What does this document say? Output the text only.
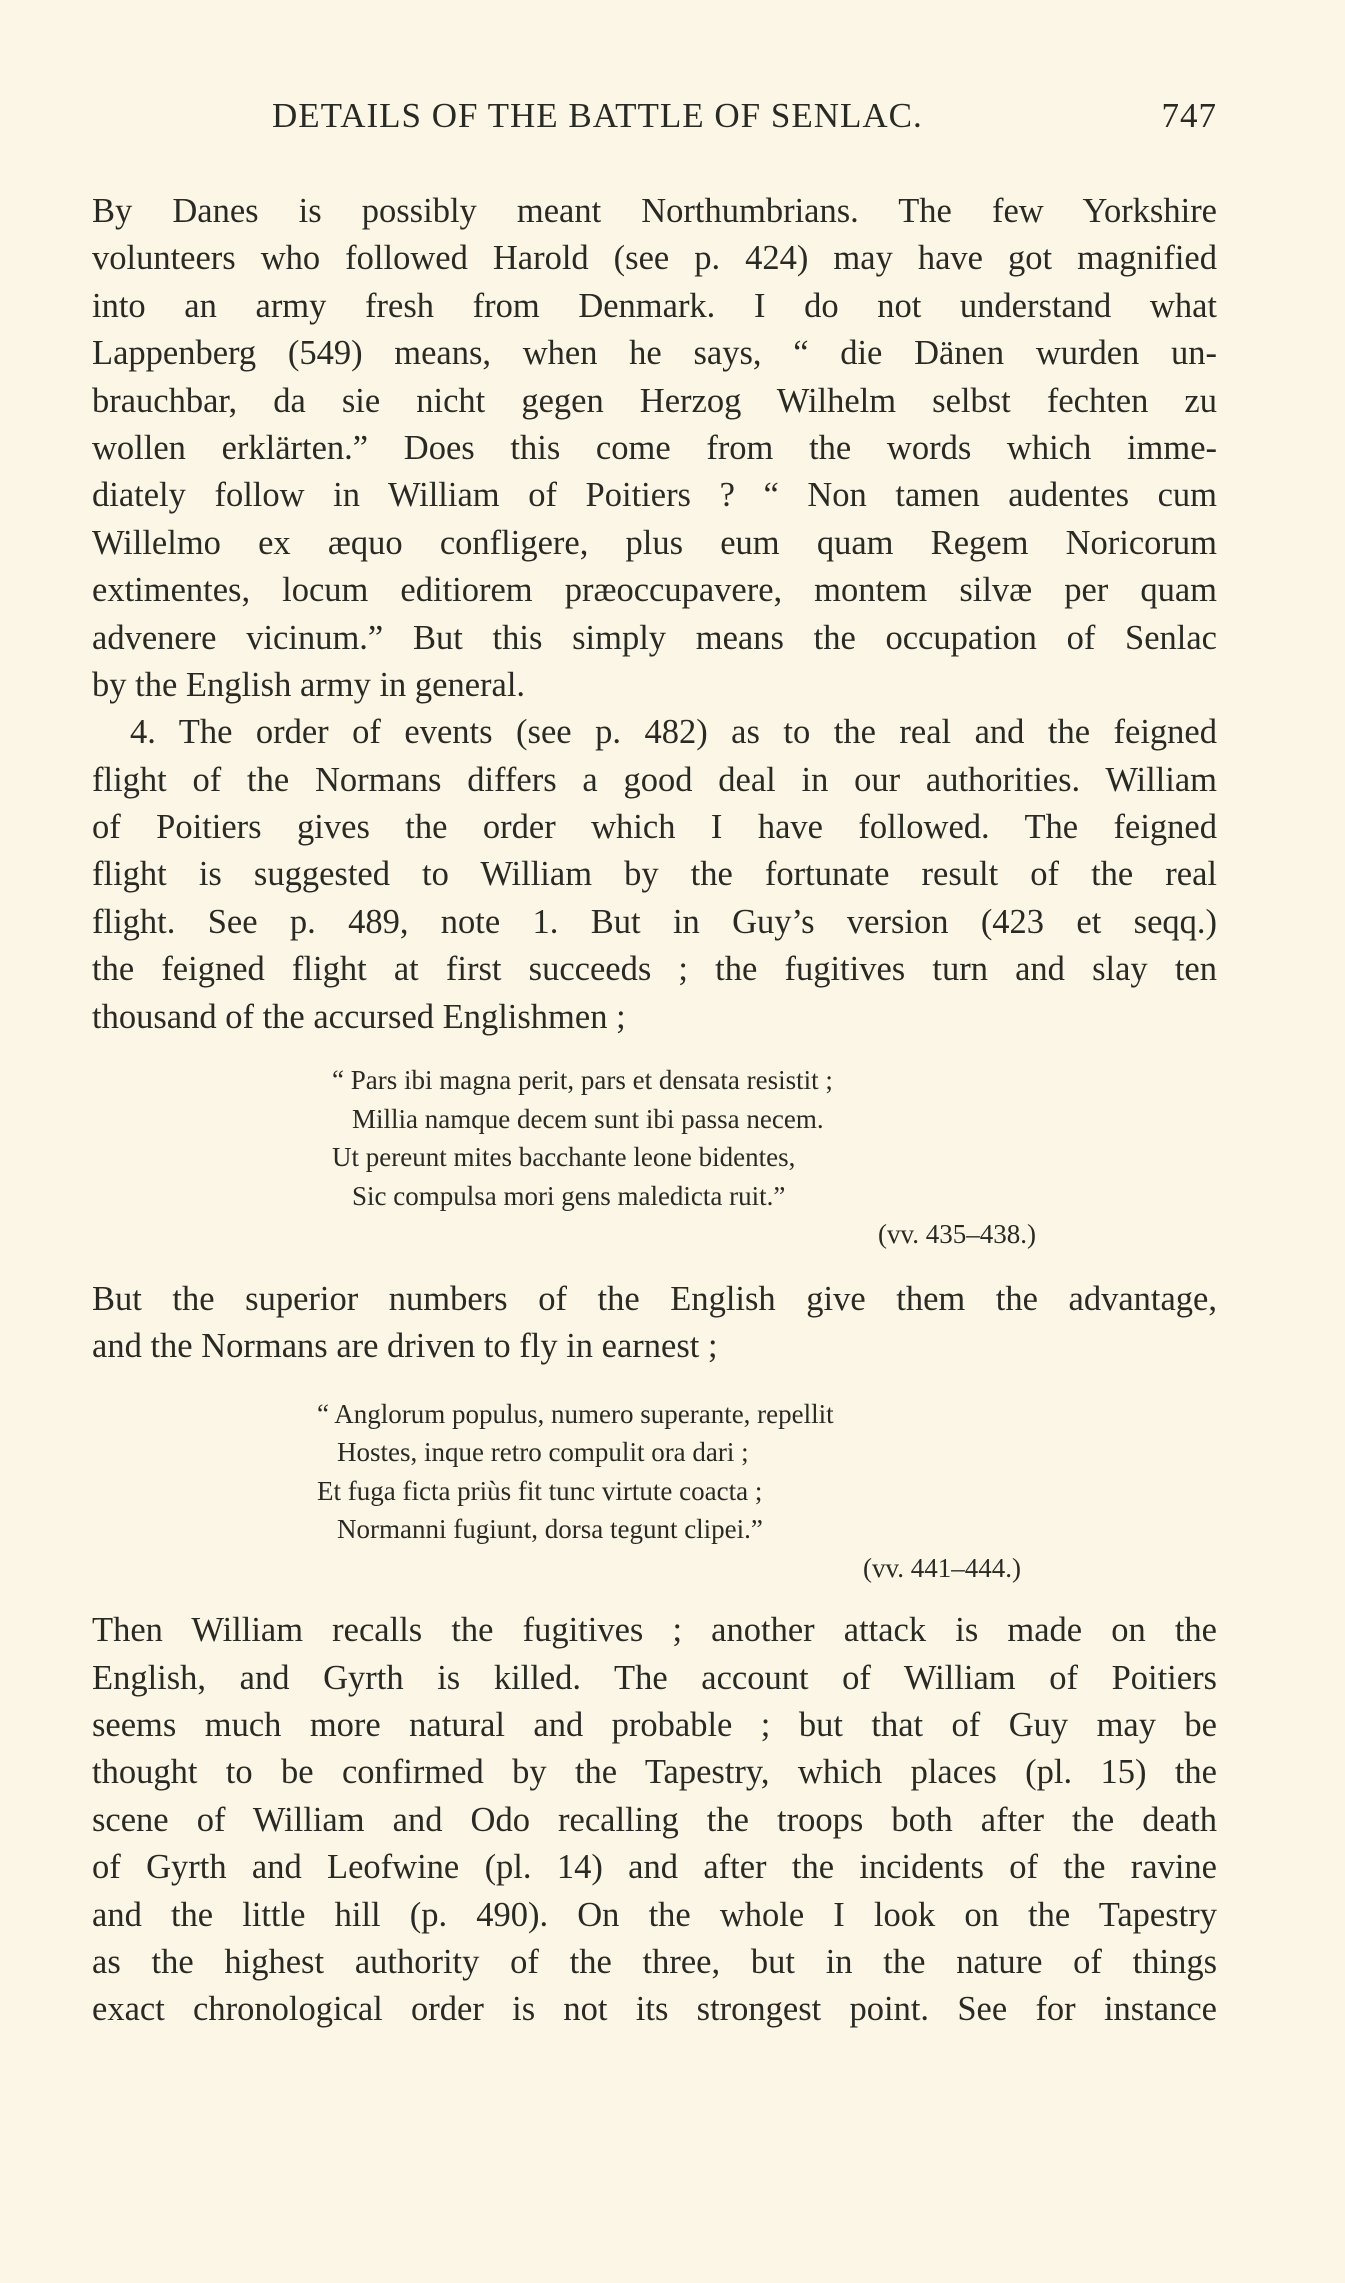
DETAILS OF THE BATTLE OF SENLAC.	747
By Danes is possibly meant Northumbrians. The few Yorkshire
volunteers who followed Harold (see p. 424) may have got magnified
into an army fresh from Denmark. I do not understand what
Lappenberg (549) means, when he says, “ die Dänen wurden un-
brauchbar, da sie nicht gegen Herzog Wilhelm selbst fechten zu
wollen erklärten.” Does this come from the words which imme-
diately follow in William of Poitiers ? “ Non tamen audentes cum
Willelmo ex æquo confligere, plus eum quam Regem Noricorum
extimentes, locum editiorem præoccupavere, montem silvæ per quam
advenere vicinum.” But this simply means the occupation of Senlac
by the English army in general.
4. The order of events (see p. 482) as to the real and the feigned
flight of the Normans differs a good deal in our authorities. William
of Poitiers gives the order which I have followed. The feigned
flight is suggested to William by the fortunate result of the real
flight. See p. 489, note 1. But in Guy’s version (423 et seqq.)
the feigned flight at first succeeds ; the fugitives turn and slay ten
thousand of the accursed Englishmen ;
“ Pars ibi magna perit, pars et densata resistit ;
Millia namque decem sunt ibi passa necem.
Ut pereunt mites bacchante leone bidentes,
Sic compulsa mori gens maledicta ruit.”
(vv. 435–438.)
But the superior numbers of the English give them the advantage,
and the Normans are driven to fly in earnest ;
“ Anglorum populus, numero superante, repellit
Hostes, inque retro compulit ora dari ;
Et fuga ficta priùs fit tunc virtute coacta ;
Normanni fugiunt, dorsa tegunt clipei.”
(vv. 441–444.)
Then William recalls the fugitives ; another attack is made on the
English, and Gyrth is killed. The account of William of Poitiers
seems much more natural and probable ; but that of Guy may be
thought to be confirmed by the Tapestry, which places (pl. 15) the
scene of William and Odo recalling the troops both after the death
of Gyrth and Leofwine (pl. 14) and after the incidents of the ravine
and the little hill (p. 490). On the whole I look on the Tapestry
as the highest authority of the three, but in the nature of things
exact chronological order is not its strongest point. See for instance
